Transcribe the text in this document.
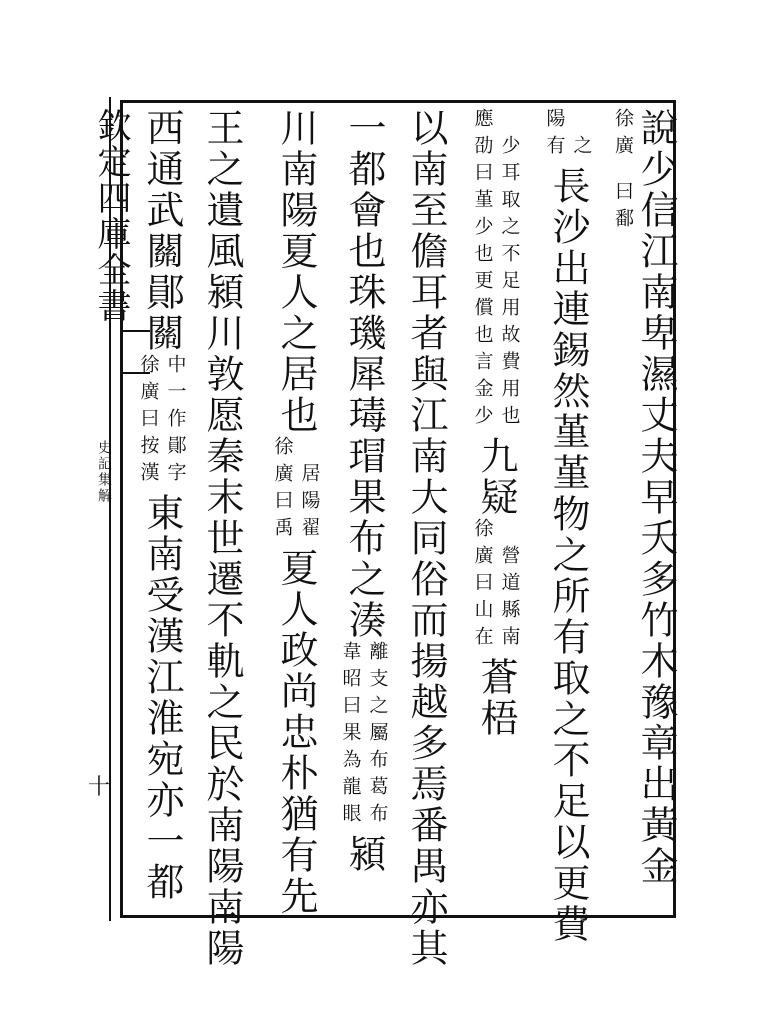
欽定四庫全書
史記集解
十	說少信江南卑濕丈夫早夭多竹木豫章出黃金
徐廣 曰鄱
陽有 之
長沙出連錫然堇堇物之所有取之不足以更費
應劭曰堇少也更償也言金少 少耳取之不足用故費用也
九疑
徐廣曰山在 營道縣南
蒼梧
以南至儋耳者與江南大同俗而揚越多焉番禺亦其
一都會也珠璣犀瑇瑁果布之湊
韋昭曰果為龍眼 離支之屬布葛布
潁
川南陽夏人之居也
徐廣曰禹 居陽翟
夏人政尚忠朴猶有先
王之遺風潁川敦愿秦末世遷不軌之民於南陽南陽
西通武關鄖關
徐廣曰按漢 中一作鄖字
東南受漢江淮宛亦一都
